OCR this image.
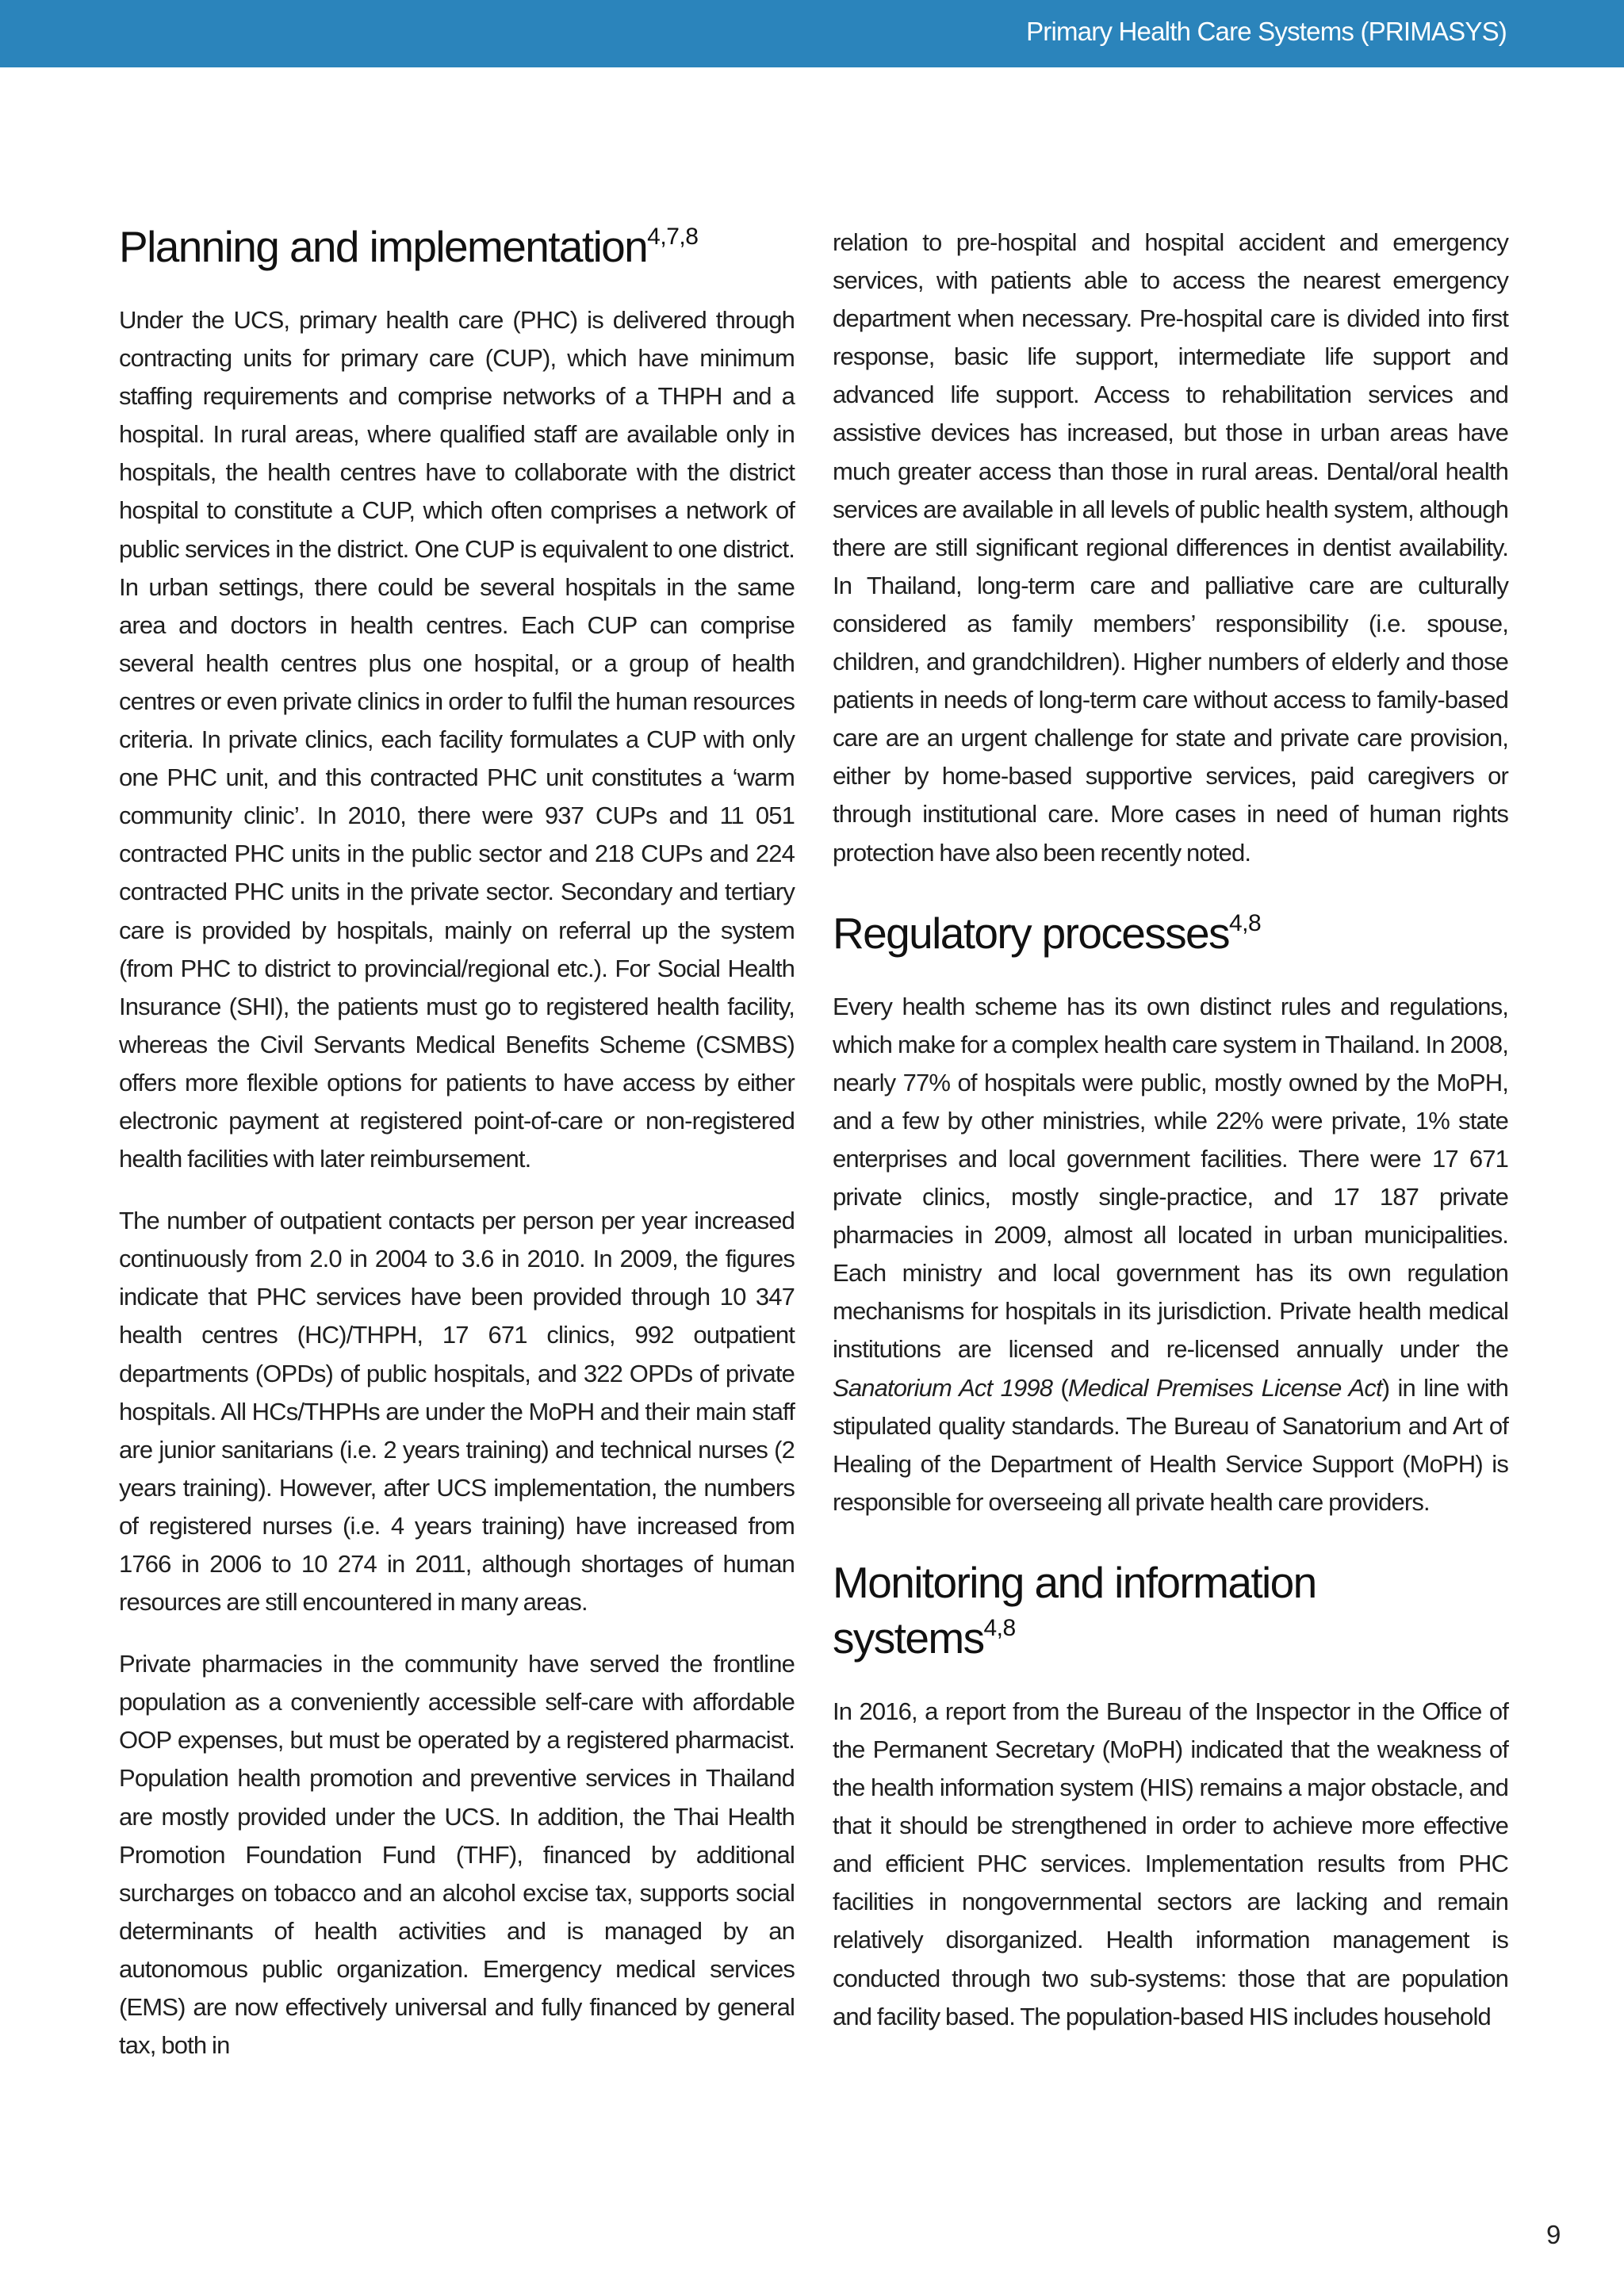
Primary Health Care Systems (PRIMASYS)
Planning and implementation$^{4,7,8}$

Under the UCS, primary health care (PHC) is delivered through contracting units for primary care (CUP), which have minimum staffing requirements and comprise networks of a THPH and a hospital. In rural areas, where qualified staff are available only in hospitals, the health centres have to collaborate with the district hospital to constitute a CUP, which often comprises a network of public services in the district. One CUP is equivalent to one district. In urban settings, there could be several hospitals in the same area and doctors in health centres. Each CUP can comprise several health centres plus one hospital, or a group of health centres or even private clinics in order to fulfil the human resources criteria. In private clinics, each facility formulates a CUP with only one PHC unit, and this contracted PHC unit constitutes a ‘warm community clinic’. In 2010, there were 937 CUPs and 11 051 contracted PHC units in the public sector and 218 CUPs and 224 contracted PHC units in the private sector. Secondary and tertiary care is provided by hospitals, mainly on referral up the system (from PHC to district to provincial/regional etc.). For Social Health Insurance (SHI), the patients must go to registered health facility, whereas the Civil Servants Medical Benefits Scheme (CSMBS) offers more flexible options for patients to have access by either electronic payment at registered point-of-care or non-registered health facilities with later reimbursement.

The number of outpatient contacts per person per year increased continuously from 2.0 in 2004 to 3.6 in 2010. In 2009, the figures indicate that PHC services have been provided through 10 347 health centres (HC)/THPH, 17 671 clinics, 992 outpatient departments (OPDs) of public hospitals, and 322 OPDs of private hospitals. All HCs/THPHs are under the MoPH and their main staff are junior sanitarians (i.e. 2 years training) and technical nurses (2 years training). However, after UCS implementation, the numbers of registered nurses (i.e. 4 years training) have increased from 1766 in 2006 to 10 274 in 2011, although shortages of human resources are still encountered in many areas.

Private pharmacies in the community have served the frontline population as a conveniently accessible self-care with affordable OOP expenses, but must be operated by a registered pharmacist. Population health promotion and preventive services in Thailand are mostly provided under the UCS. In addition, the Thai Health Promotion Foundation Fund (THF), financed by additional surcharges on tobacco and an alcohol excise tax, supports social determinants of health activities and is managed by an autonomous public organization. Emergency medical services (EMS) are now effectively universal and fully financed by general tax, both in

relation to pre-hospital and hospital accident and emergency services, with patients able to access the nearest emergency department when necessary. Pre-hospital care is divided into first response, basic life support, intermediate life support and advanced life support. Access to rehabilitation services and assistive devices has increased, but those in urban areas have much greater access than those in rural areas. Dental/oral health services are available in all levels of public health system, although there are still significant regional differences in dentist availability. In Thailand, long-term care and palliative care are culturally considered as family members’ responsibility (i.e. spouse, children, and grandchildren). Higher numbers of elderly and those patients in needs of long-term care without access to family-based care are an urgent challenge for state and private care provision, either by home-based supportive services, paid caregivers or through institutional care. More cases in need of human rights protection have also been recently noted.

Regulatory processes$^{4,8}$

Every health scheme has its own distinct rules and regulations, which make for a complex health care system in Thailand. In 2008, nearly 77% of hospitals were public, mostly owned by the MoPH, and a few by other ministries, while 22% were private, 1% state enterprises and local government facilities. There were 17 671 private clinics, mostly single-practice, and 17 187 private pharmacies in 2009, almost all located in urban municipalities. Each ministry and local government has its own regulation mechanisms for hospitals in its jurisdiction. Private health medical institutions are licensed and re-licensed annually under the Sanatorium Act 1998 (Medical Premises License Act) in line with stipulated quality standards. The Bureau of Sanatorium and Art of Healing of the Department of Health Service Support (MoPH) is responsible for overseeing all private health care providers.

Monitoring and information systems$^{4,8}$

In 2016, a report from the Bureau of the Inspector in the Office of the Permanent Secretary (MoPH) indicated that the weakness of the health information system (HIS) remains a major obstacle, and that it should be strengthened in order to achieve more effective and efficient PHC services. Implementation results from PHC facilities in nongovernmental sectors are lacking and remain relatively disorganized. Health information management is conducted through two sub-systems: those that are population and facility based. The population-based HIS includes household

9
